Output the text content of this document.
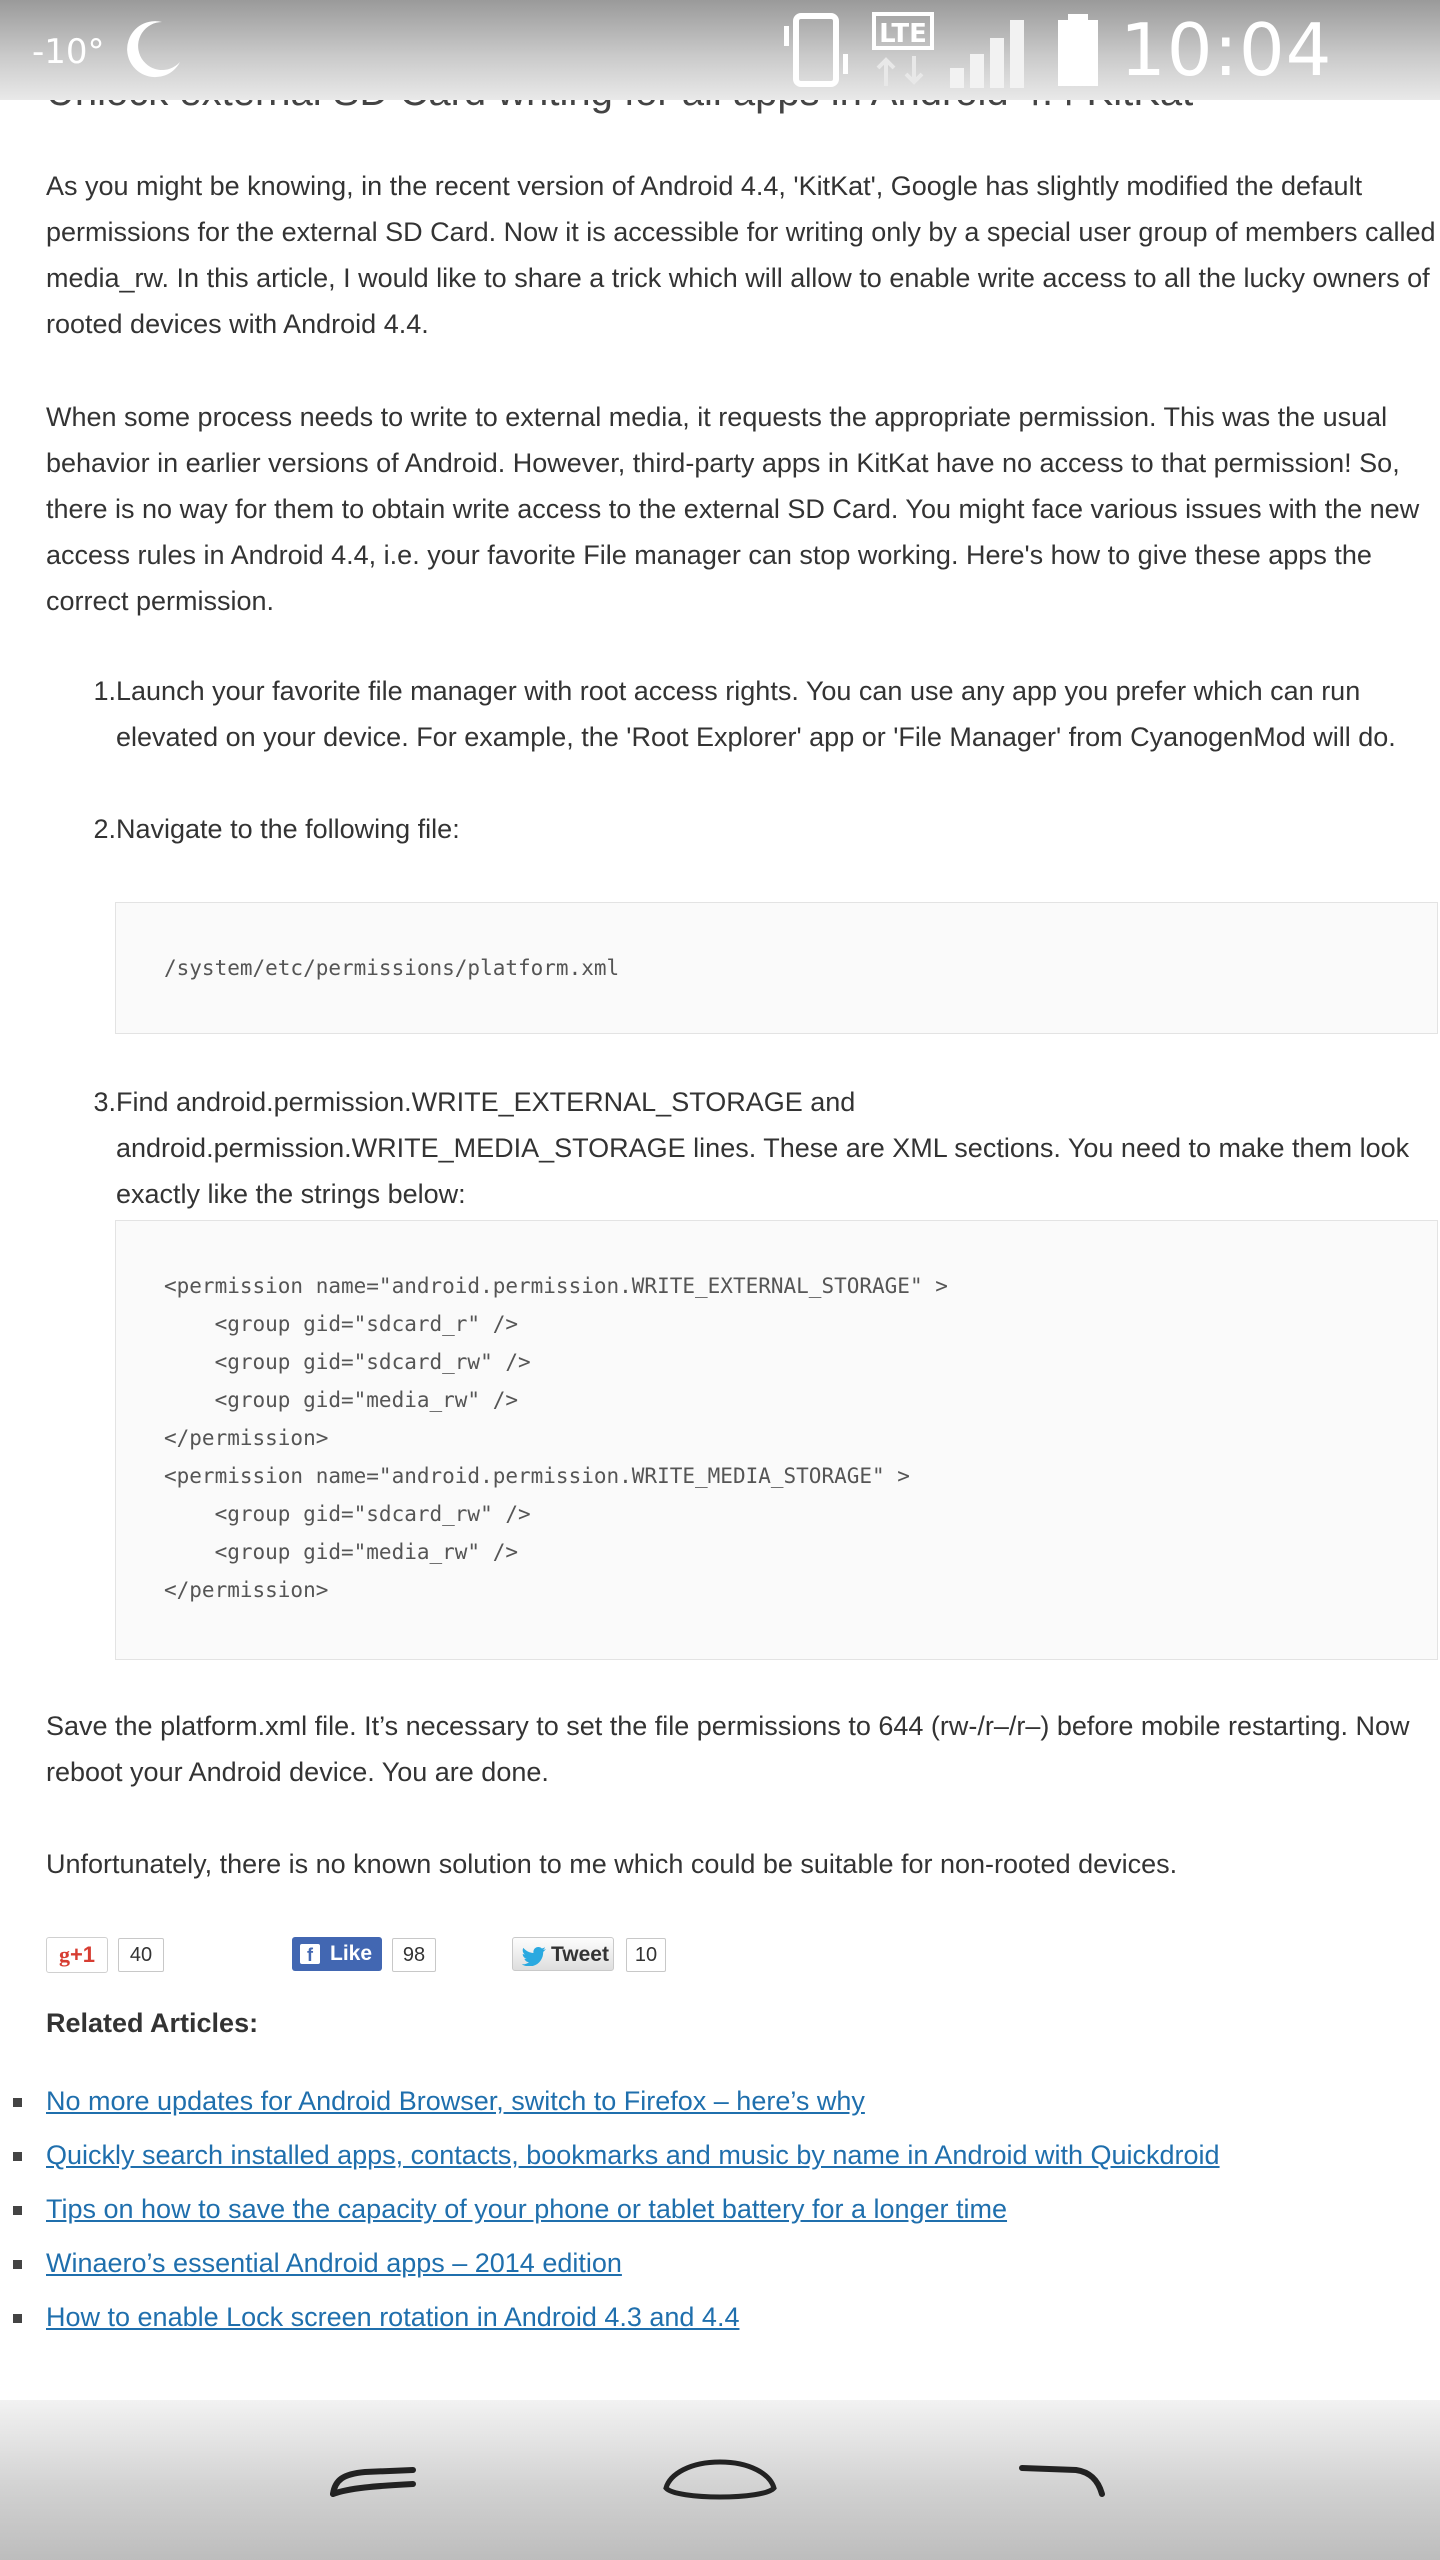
-10°	LTE	10:04 AM

As you might be knowing, in the recent version of Android 4.4, 'KitKat', Google has slightly modified the default permissions for the external SD Card. Now it is accessible for writing only by a special user group of members called media_rw. In this article, I would like to share a trick which will allow to enable write access to all the lucky owners of rooted devices with Android 4.4.

When some process needs to write to external media, it requests the appropriate permission. This was the usual behavior in earlier versions of Android. However, third-party apps in KitKat have no access to that permission! So, there is no way for them to obtain write access to the external SD Card. You might face various issues with the new access rules in Android 4.4, i.e. your favorite File manager can stop working. Here's how to give these apps the correct permission.

1. Launch your favorite file manager with root access rights. You can use any app you prefer which can run elevated on your device. For example, the 'Root Explorer' app or 'File Manager' from CyanogenMod will do.
2. Navigate to the following file:
/system/etc/permissions/platform.xml
3. Find android.permission.WRITE_EXTERNAL_STORAGE and android.permission.WRITE_MEDIA_STORAGE lines. These are XML sections. You need to make them look exactly like the strings below:
<permission name="android.permission.WRITE_EXTERNAL_STORAGE" >
<group gid="sdcard_r" />
<group gid="sdcard_rw" />
<group gid="media_rw" />
</permission>
<permission name="android.permission.WRITE_MEDIA_STORAGE" >
<group gid="sdcard_rw" />
<group gid="media_rw" />
</permission>

Save the platform.xml file. It’s necessary to set the file permissions to 644 (rw-/r–/r–) before mobile restarting. Now reboot your Android device. You are done.

Unfortunately, there is no known solution to me which could be suitable for non-rooted devices.

g+1	40	f Like	98	Tweet	10
Related Articles:
No more updates for Android Browser, switch to Firefox – here’s why
Quickly search installed apps, contacts, bookmarks and music by name in Android with Quickdroid
Tips on how to save the capacity of your phone or tablet battery for a longer time
Winaero’s essential Android apps – 2014 edition
How to enable Lock screen rotation in Android 4.3 and 4.4
